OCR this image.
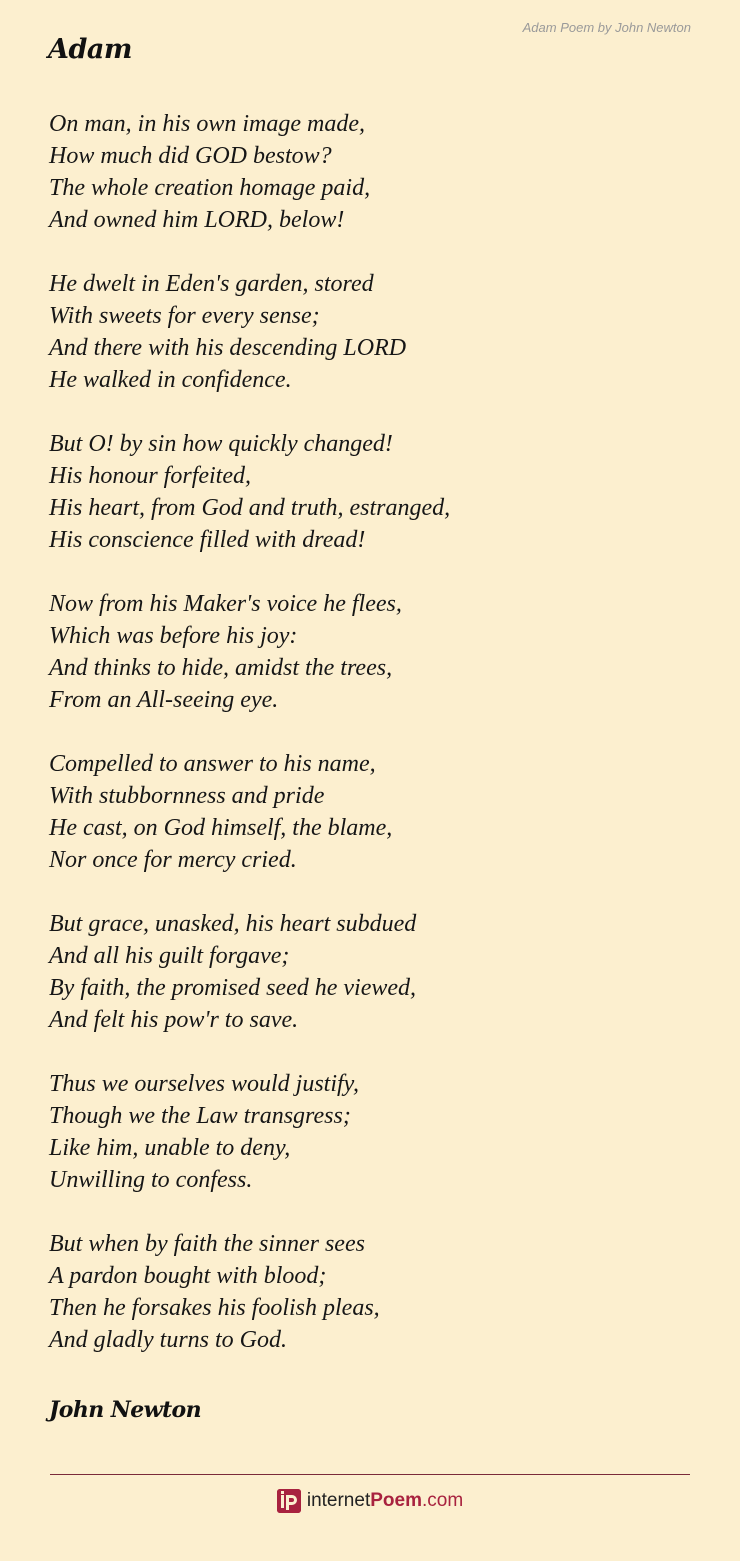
Adam Poem by John Newton
Adam
On man, in his own image made,
How much did GOD bestow?
The whole creation homage paid,
And owned him LORD, below!
He dwelt in Eden's garden, stored
With sweets for every sense;
And there with his descending LORD
He walked in confidence.
But O! by sin how quickly changed!
His honour forfeited,
His heart, from God and truth, estranged,
His conscience filled with dread!
Now from his Maker's voice he flees,
Which was before his joy:
And thinks to hide, amidst the trees,
From an All-seeing eye.
Compelled to answer to his name,
With stubbornness and pride
He cast, on God himself, the blame,
Nor once for mercy cried.
But grace, unasked, his heart subdued
And all his guilt forgave;
By faith, the promised seed he viewed,
And felt his pow'r to save.
Thus we ourselves would justify,
Though we the Law transgress;
Like him, unable to deny,
Unwilling to confess.
But when by faith the sinner sees
A pardon bought with blood;
Then he forsakes his foolish pleas,
And gladly turns to God.
John Newton
internetPoem.com
